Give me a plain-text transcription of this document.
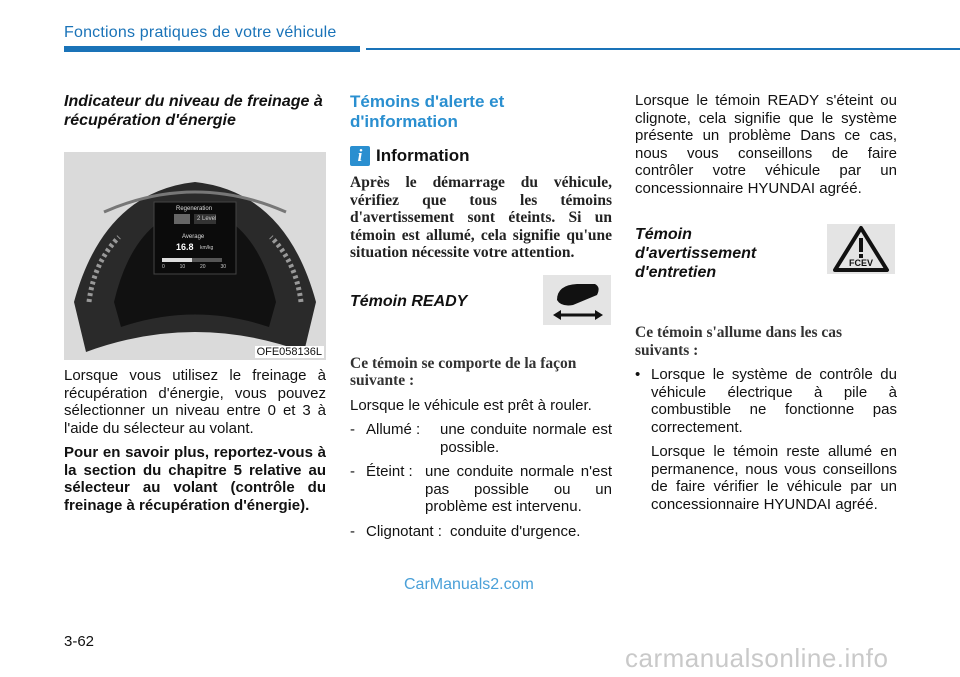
Fonctions pratiques de votre véhicule

Indicateur du niveau de freinage à récupération d'énergie

Regeneration
2 Level
Average
16.8 km/kg
0	10	20	30
OFE058136L

Lorsque vous utilisez le freinage à récupération d'énergie, vous pouvez sélectionner un niveau entre 0 et 3 à l'aide du sélecteur au volant.

Pour en savoir plus, reportez-vous à la section du chapitre 5 relative au sélecteur au volant (contrôle du freinage à récupération d'énergie).

Témoins d'alerte et d'information

i Information

Après le démarrage du véhicule, vérifiez que tous les témoins d'avertissement sont éteints. Si un témoin est allumé, cela signifie qu'une situation nécessite votre attention.

Témoin READY

Ce témoin se comporte de la façon suivante :

Lorsque le véhicule est prêt à rouler.

- Allumé :	une conduite normale est possible.
- Éteint : une conduite normale n'est pas possible ou un problème est intervenu.
- Clignotant : conduite d'urgence.

Lorsque le témoin READY s'éteint ou clignote, cela signifie que le système présente un problème Dans ce cas, nous vous conseillons de faire contrôler votre véhicule par un concessionnaire HYUNDAI agréé.

Témoin d'avertissement d'entretien

Ce témoin s'allume dans les cas suivants :

• Lorsque le système de contrôle du véhicule électrique à pile à combustible ne fonctionne pas correctement.
Lorsque le témoin reste allumé en permanence, nous vous conseillons de faire vérifier le véhicule par un concessionnaire HYUNDAI agréé.
FCEV
3-62
CarManuals2.com
carmanualsonline.info
